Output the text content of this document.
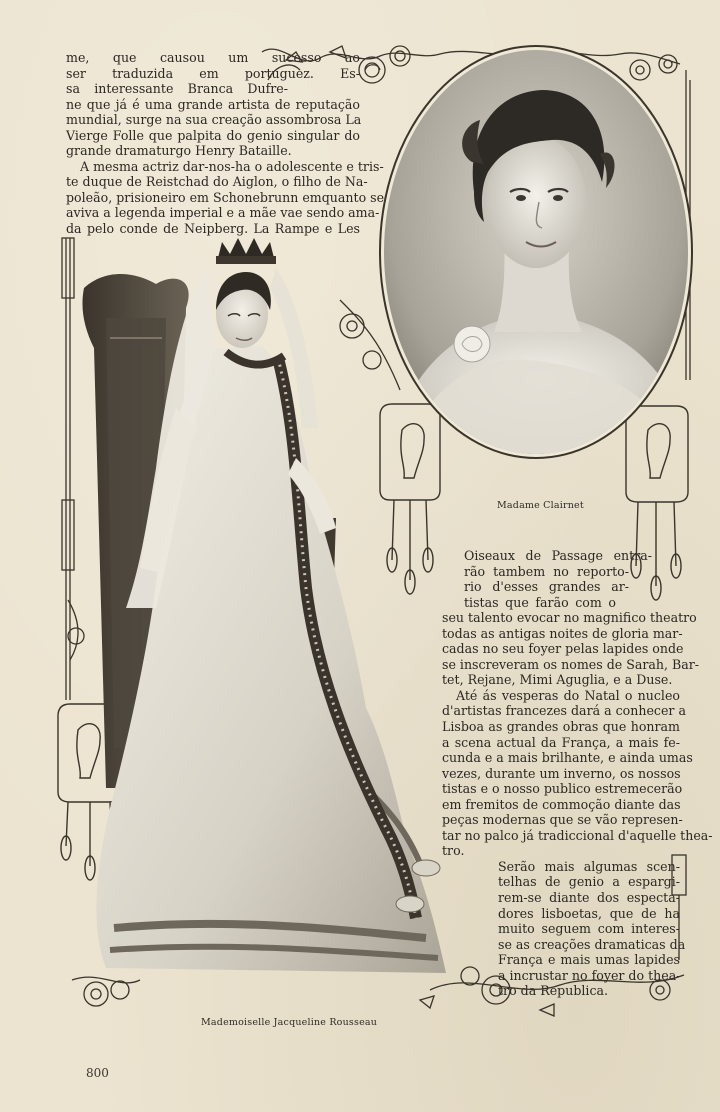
me, que causou um sucesso ao
ser traduzida em portuguez. Es-
sa interessante Branca Dufre-
ne que já é uma grande artista de reputação
mundial, surge na sua creação assombrosa La
Vierge Folle que palpita do genio singular do
grande dramaturgo Henry Bataille.
A mesma actriz dar-nos-ha o adolescente e tris-
te duque de Reistchad do Aiglon, o filho de Na-
poleão, prisioneiro em Schonebrunn emquanto se
aviva a legenda imperial e a mãe vae sendo ama-
da pelo conde de Neipberg. La Rampe e Les
Oiseaux de Passage entra-
rão tambem no reporto-
rio d'esses grandes ar-
tistas que farão com o
seu talento evocar no magnifico theatro
todas as antigas noites de gloria mar-
cadas no seu foyer pelas lapides onde
se inscreveram os nomes de Sarah, Bar-
tet, Rejane, Mimi Aguglia, e a Duse.
Até ás vesperas do Natal o nucleo
d'artistas francezes dará a conhecer a
Lisboa as grandes obras que honram
a scena actual da França, a mais fe-
cunda e a mais brilhante, e ainda umas
vezes, durante um inverno, os nossos
tistas e o nosso publico estremecerão
em fremitos de commoção diante das
peças modernas que se vão represen-
tar no palco já tradiccional d'aquelle thea-
tro.
Serão mais algumas scen-
telhas de genio a espargi-
rem-se diante dos especta-
dores lisboetas, que de ha
muito seguem com interes-
se as creações dramaticas da
França e mais umas lapides
a incrustar no foyer do thea-
tro da Republica.
Madame Clairnet
Mademoiselle Jacqueline Rousseau
800
